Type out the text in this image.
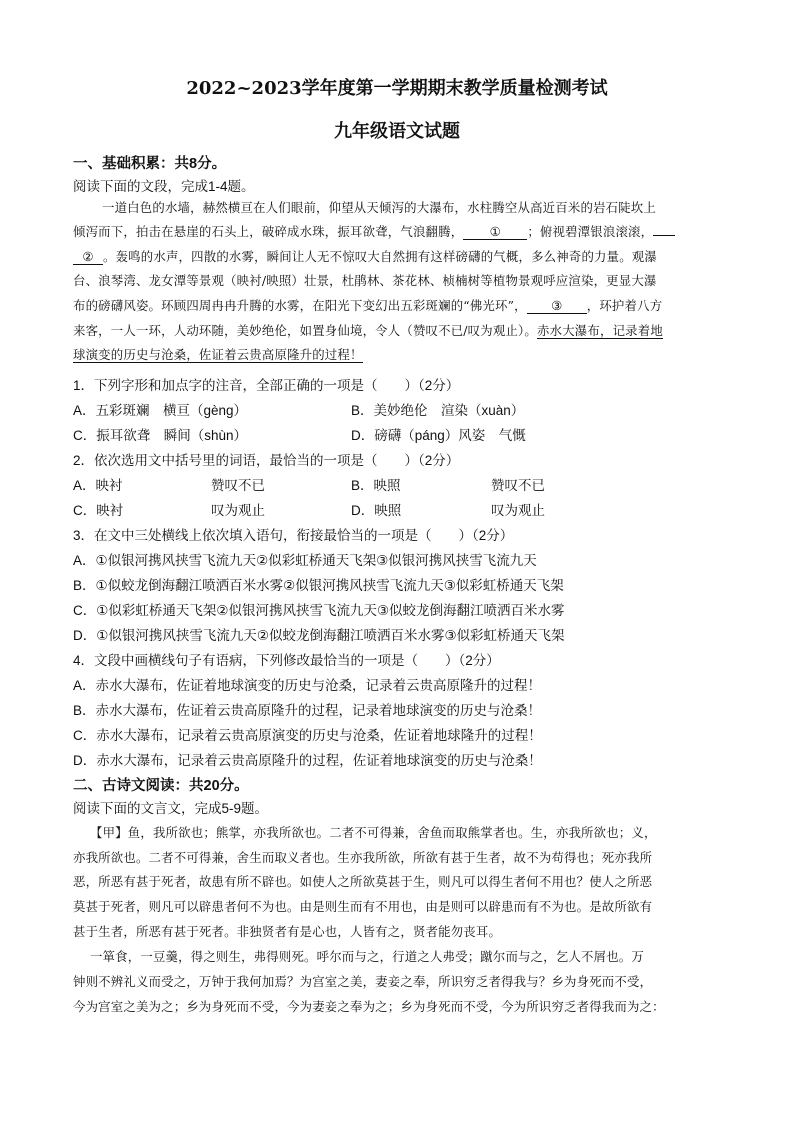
2022~2023学年度第一学期期末教学质量检测考试
九年级语文试题
一、基础积累：共8分。
阅读下面的文段，完成1-4题。
一道白色的水墙，赫然横亘在人们眼前，仰望从天倾泻的大瀑布，水柱腾空从高近百米的岩石陡坎上
倾泻而下，拍击在悬崖的石头上，破碎成水珠，振耳欲聋，气浪翻腾， ① ；俯视碧潭银浪滚滚，
② 。轰鸣的水声，四散的水雾，瞬间让人无不惊叹大自然拥有这样磅礴的气概，多么神奇的力量。观瀑
台、浪琴湾、龙女潭等景观（映衬/映照）壮景，杜鹃林、茶花林、桢楠树等植物景观呼应渲染，更显大瀑
布的磅礴风姿。环顾四周冉冉升腾的水雾，在阳光下变幻出五彩斑斓的“佛光环”， ③ ，环护着八方
来客，一人一环，人动环随，美妙绝伦，如置身仙境，令人（赞叹不已/叹为观止）。赤水大瀑布，记录着地
球演变的历史与沧桑，佐证着云贵高原隆升的过程！
1．下列字形和加点字的注音，全部正确的一项是（　　）（2分）
A．五彩斑斓　横亘（gèng）	B．美妙绝伦　渲染（xuàn）
C．振耳欲聋　瞬间（shùn）	D．磅礴（páng）风姿　气慨
2．依次选用文中括号里的词语，最恰当的一项是（　　）（2分）
A．映衬	赞叹不已	B．映照	赞叹不已
C．映衬	叹为观止	D．映照	叹为观止
3．在文中三处横线上依次填入语句，衔接最恰当的一项是（　　）（2分）
A．①似银河携风挟雪飞流九天②似彩虹桥通天飞架③似银河携风挟雪飞流九天
B．①似蛟龙倒海翻江喷洒百米水雾②似银河携风挟雪飞流九天③似彩虹桥通天飞架
C．①似彩虹桥通天飞架②似银河携风挟雪飞流九天③似蛟龙倒海翻江喷洒百米水雾
D．①似银河携风挟雪飞流九天②似蛟龙倒海翻江喷洒百米水雾③似彩虹桥通天飞架
4．文段中画横线句子有语病，下列修改最恰当的一项是（　　）（2分）
A．赤水大瀑布，佐证着地球演变的历史与沧桑，记录着云贵高原隆升的过程！
B．赤水大瀑布，佐证着云贵高原隆升的过程，记录着地球演变的历史与沧桑！
C．赤水大瀑布，记录着云贵高原演变的历史与沧桑，佐证着地球隆升的过程！
D．赤水大瀑布，记录着云贵高原隆升的过程，佐证着地球演变的历史与沧桑！
二、古诗文阅读：共20分。
阅读下面的文言文，完成5-9题。
【甲】鱼，我所欲也；熊掌，亦我所欲也。二者不可得兼，舍鱼而取熊掌者也。生，亦我所欲也；义，
亦我所欲也。二者不可得兼，舍生而取义者也。生亦我所欲，所欲有甚于生者，故不为苟得也；死亦我所
恶，所恶有甚于死者，故患有所不辟也。如使人之所欲莫甚于生，则凡可以得生者何不用也？使人之所恶
莫甚于死者，则凡可以辟患者何不为也。由是则生而有不用也，由是则可以辟患而有不为也。是故所欲有
甚于生者，所恶有甚于死者。非独贤者有是心也，人皆有之，贤者能勿丧耳。
一箪食，一豆羹，得之则生，弗得则死。呼尔而与之，行道之人弗受；蹴尔而与之，乞人不屑也。万
钟则不辨礼义而受之，万钟于我何加焉？为宫室之美，妻妾之奉，所识穷乏者得我与？乡为身死而不受，
今为宫室之美为之；乡为身死而不受，今为妻妾之奉为之；乡为身死而不受，今为所识穷乏者得我而为之：
